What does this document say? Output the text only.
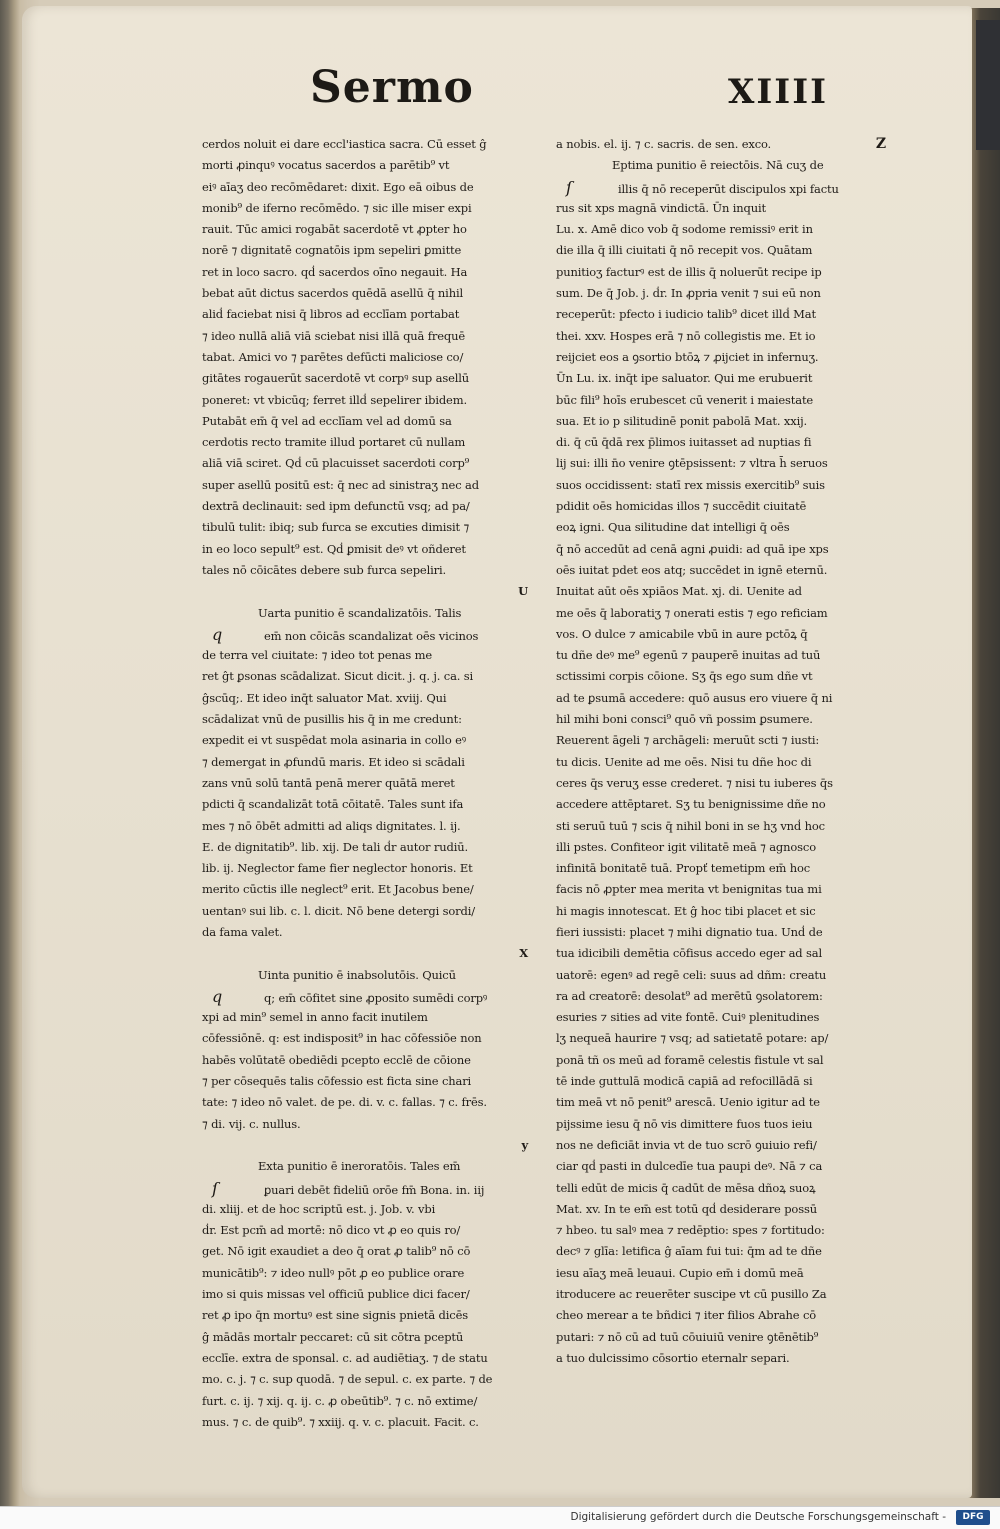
Sermo	XIIII
cerdos noluit ei dare eccl'iastica sacra. Cū esset ĝ
morti ꝓinquꝰ vocatus sacerdos a parētib⁹ vt
eiꝰ aīaʒ deo recōmēdaret: dixit. Ego eā oibus de
monib⁹ de iferno recōmēdo. ⁊ sic ille miser expi
rauit. Tūc amici rogabāt sacerdotē vt ꝓpter ho
norē ⁊ dignitatē cognatōis ipm sepeliri ꝑmitte
ret in loco sacro. qḋ sacerdos oīno negauit. Ha
bebat aūt dictus sacerdos quēdā asellū q̄ nihil
aliḋ faciebat nisi q̄ libros ad ecclīam portabat
⁊ ideo nullā aliā viā sciebat nisi illā quā frequē
tabat. Amici vo ⁊ parētes defūcti maliciose co/
gitātes rogauerūt sacerdotē vt corpꝰ sup asellū
poneret: vt vbicūq; ferret illḋ sepelirer ibidem.
Putabāt em̄ q̄ vel ad ecclīam vel ad domū sa
cerdotis recto tramite illud portaret cū nullam
aliā viā sciret. Qḋ cū placuisset sacerdoti corp⁹
super asellū positū est: q̄ nec ad sinistraʒ nec ad
dextrā declinauit: sed ipm defunctū vsq; ad pa/
tibulū tulit: ibiq; sub furca se excuties dimisit ⁊
in eo loco sepult⁹ est. Qḋ ꝑmisit deꝰ vt oñderet
tales nō cōicātes debere sub furca sepeliri.
U
Uarta punitio ē scandalizatōis. Talis
q	em̄ non cōicās scandalizat oēs vicinos
de terra vel ciuitate: ⁊ ideo tot penas me
ret ĝt ꝑsonas scādalizat. Sicut dicit. j. q. j. ca. si
ĝscūq;. Et ideo inq̄t saluator Mat. xviij. Qui
scādalizat vnū de pusillis his q̄ in me credunt:
expedit ei vt suspēdat mola asinaria in collo eꝰ
⁊ demergat in ꝓfundū maris. Et ideo si scādali
zans vnū solū tantā penā merer quātā meret
pdicti q̄ scandalizāt totā cōitatē. Tales sunt ifa
mes ⁊ nō ōbēt admitti ad aliqs dignitates. l. ij.
E. de dignitatib⁹. lib. xij. De tali ḋr autor rudiū.
lib. ij. Neglector fame fier neglector honoris. Et
merito cūctis ille neglect⁹ erit. Et Jacobus bene/
uentanꝰ sui lib. c. l. dicit. Nō bene detergi sordi/
da fama valet.
X
Uinta punitio ē inabsolutōis. Quicū
q	q; em̄ cōfitet sine ꝓposito sumēdi corpꝰ
xpi ad min⁹ semel in anno facit inutilem
cōfessiōnē. q: est indisposit⁹ in hac cōfessiōe non
habēs volūtatē obediēdi pcepto ecclē de cōione
⁊ per cōsequēs talis cōfessio est ficta sine chari
tate: ⁊ ideo nō valet. de pe. di. v. c. fallas. ⁊ c. frēs.
⁊ di. vij. c. nullus.
y
Exta punitio ē ineroratōis. Tales em̄
ſ	ꝑuari debēt fideliū orōe fm̄ Bona. in. iij
di. xliij. et de hoc scriptū est. j. Job. v. vbi
ḋr. Est pcm̄ ad mortē: nō dico vt ꝓ eo quis ro/
get. Nō igit exaudiet a deo q̄ orat ꝓ talib⁹ nō cō
municātib⁹: ⁊ ideo nullꝰ pōt ꝓ eo publice orare
imo si quis missas vel officiū publice dici facer/
ret ꝓ ipo q̄n mortuꝰ est sine signis pnietā dicēs
ĝ mādās mortalr peccaret: cū sit cōtra pceptū
ecclīe. extra de sponsal. c. ad audiētiaʒ. ⁊ de statu
mo. c. j. ⁊ c. sup quodā. ⁊ de sepul. c. ex parte. ⁊ de
furt. c. ij. ⁊ xij. q. ij. c. ꝓ obeūtib⁹. ⁊ c. nō extime/
mus. ⁊ c. de quib⁹. ⁊ xxiij. q. v. c. placuit. Facit. c.
a nobis. el. ij. ⁊ c. sacris. de sen. exco.
Eptima punitio ē reiectōis. Nā cuʒ de
ſ	illis q̄ nō receperūt discipulos xpi factu
rus sit xps magnā vindictā. Ūn inquit
Lu. x. Amē dico vob q̄ sodome remissiꝰ erit in
die illa q̄ illi ciuitati q̄ nō recepit vos. Quātam
punitioʒ facturꝰ est de illis q̄ noluerūt recipe ip
sum. De q̄ Job. j. ḋr. In ꝓpria venit ⁊ sui eū non
receperūt: pfecto i iudicio talib⁹ dicet illḋ Mat
thei. xxv. Hospes erā ⁊ nō collegistis me. Et io
reijciet eos a ꝯsortio btōꝝ ⁊ ꝓijciet in infernuʒ.
Ūn Lu. ix. inq̄t ipe saluator. Qui me erubuerit
būc fili⁹ hoīs erubescet cū venerit i maiestate
sua. Et io p silitudinē ponit pabolā Mat. xxij.
di. q̄ cū q̄dā rex p̄limos iuitasset ad nuptias fi
lij sui: illi n̄o venire ꝯtēpsissent: ⁊ vltra h̄ seruos
suos occidissent: statī rex missis exercitib⁹ suis
pdidit oēs homicidas illos ⁊ succēdit ciuitatē
eoꝝ igni. Qua silitudine dat intelligi q̄ oēs
q̄ nō accedūt ad cenā agni ꝓuidi: ad quā ipe xps
oēs iuitat pdet eos atq; succēdet in ignē eternū.
Inuitat aūt oēs xpiāos Mat. xj. di. Uenite ad
me oēs q̄ laboratiʒ ⁊ onerati estis ⁊ ego reficiam
vos. O dulce ⁊ amicabile vbū in aure pctōꝝ q̄
tu dñe deꝰ me⁹ egenū ⁊ pauperē inuitas ad tuū
sctissimi corpis cōione. Sʒ q̄s ego sum dñe vt
ad te ꝑsumā accedere: quō ausus ero viuere q̄ ni
hil mihi boni consci⁹ quō vñ possim ꝑsumere.
Reuerent āgeli ⁊ archāgeli: meruūt scti ⁊ iusti:
tu dicis. Uenite ad me oēs. Nisi tu dñe hoc di
ceres q̄s veruʒ esse crederet. ⁊ nisi tu iuberes q̄s
accedere attēptaret. Sʒ tu benignissime dñe no
sti seruū tuū ⁊ scis q̄ nihil boni in se hʒ vnḋ hoc
illi pstes. Confiteor igit vilitatē meā ⁊ agnosco
infinitā bonitatē tuā. Propť temetipm em̄ hoc
facis nō ꝓpter mea merita vt benignitas tua mi
hi magis innotescat. Et ĝ hoc tibi placet et sic
fieri iussisti: placet ⁊ mihi dignatio tua. Unḋ de
tua idicibili demētia cōfisus accedo eger ad sal
uatorē: egenꝰ ad regē celi: suus ad dñm: creatu
ra ad creatorē: desolat⁹ ad merētū ꝯsolatorem:
esuries ⁊ sities ad vite fontē. Cuiꝰ plenitudines
lʒ nequeā haurire ⁊ vsq; ad satietatē potare: ap/
ponā tñ os meū ad foramē celestis fistule vt sal
tē inde guttulā modicā capiā ad refocillādā si
tim meā vt nō penit⁹ arescā. Uenio igitur ad te
pijssime iesu q̄ nō vis dimittere fuos tuos ieiu
nos ne deficiāt invia vt de tuo scrō ꝯuiuio refi/
ciar qḋ pasti in dulcedīe tua paupi deꝰ. Nā ⁊ ca
telli edūt de micis q̄ cadūt de mēsa dñoꝝ suoꝝ
Mat. xv. In te em̄ est totū qḋ desiderare possū
⁊ hbeo. tu salꝰ mea ⁊ redēptio: spes ⁊ fortitudo:
decꝰ ⁊ glīa: letifica ĝ aīam fui tui: q̄m ad te dñe
iesu aīaʒ meā leuaui. Cupio em̄ i domū meā
itroducere ac reuerēter suscipe vt cū pusillo Za
cheo merear a te bñdici ⁊ iter filios Abrahe cō
putari: ⁊ nō cū ad tuū cōuiuiū venire ꝯtēnētib⁹
a tuo dulcissimo cōsortio eternalr separi.
Z
Digitalisierung gefördert durch die Deutsche Forschungsgemeinschaft -	DFG
